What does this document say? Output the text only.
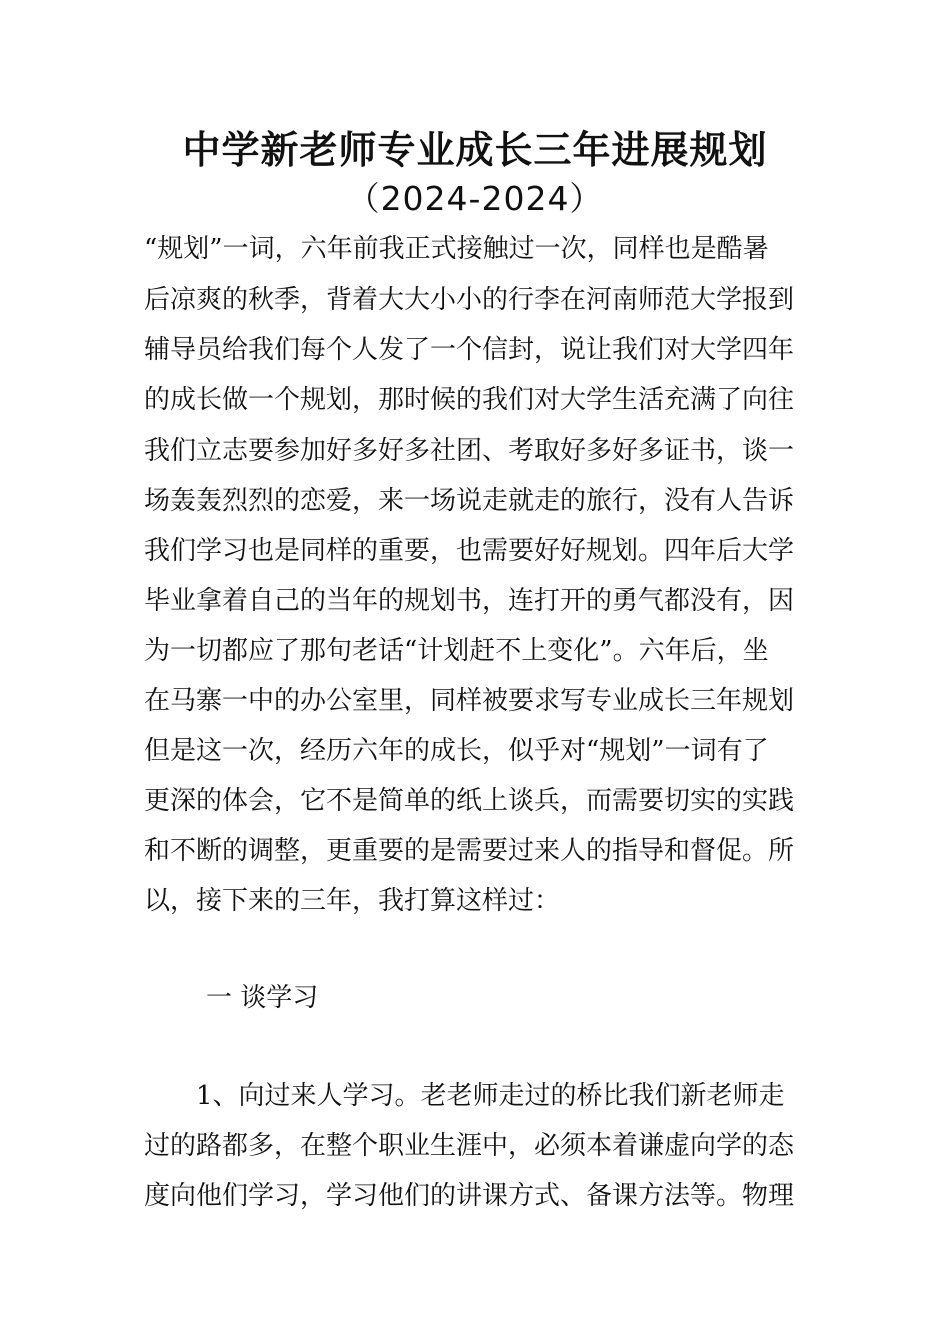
中学新老师专业成长三年进展规划
（2024-2024）
“规划”一词，六年前我正式接触过一次，同样也是酷暑
后凉爽的秋季，背着大大小小的行李在河南师范大学报到
辅导员给我们每个人发了一个信封，说让我们对大学四年
的成长做一个规划，那时候的我们对大学生活充满了向往
我们立志要参加好多好多社团、考取好多好多证书，谈一
场轰轰烈烈的恋爱，来一场说走就走的旅行，没有人告诉
我们学习也是同样的重要，也需要好好规划。四年后大学
毕业拿着自己的当年的规划书，连打开的勇气都没有，因
为一切都应了那句老话“计划赶不上变化”。六年后，坐
在马寨一中的办公室里，同样被要求写专业成长三年规划
但是这一次，经历六年的成长，似乎对“规划”一词有了
更深的体会，它不是简单的纸上谈兵，而需要切实的实践
和不断的调整，更重要的是需要过来人的指导和督促。所
以，接下来的三年，我打算这样过：
一 谈学习
1、向过来人学习。老老师走过的桥比我们新老师走
过的路都多，在整个职业生涯中，必须本着谦虚向学的态
度向他们学习，学习他们的讲课方式、备课方法等。物理
